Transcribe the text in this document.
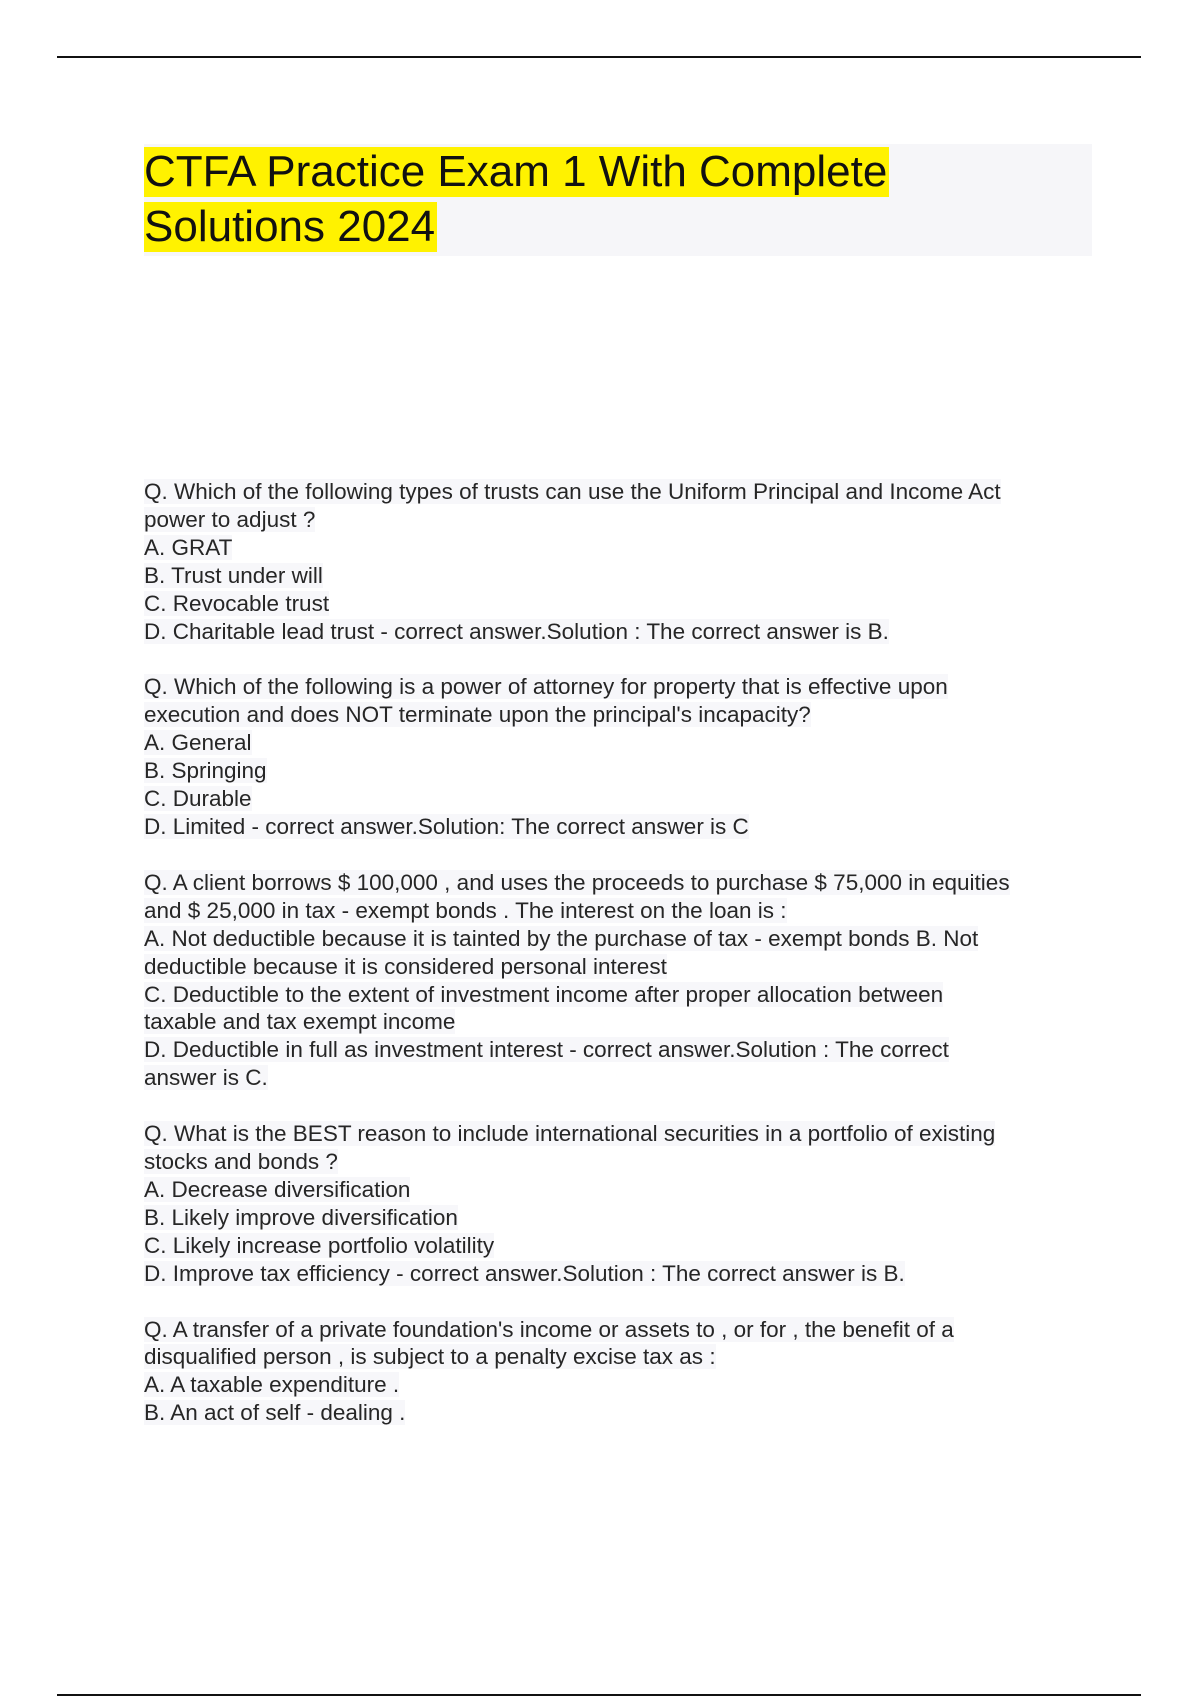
CTFA Practice Exam 1 With Complete
Solutions 2024
Q. Which of the following types of trusts can use the Uniform Principal and Income Act
power to adjust ?
A. GRAT
B. Trust under will
C. Revocable trust
D. Charitable lead trust - correct answer.Solution : The correct answer is B.
Q. Which of the following is a power of attorney for property that is effective upon
execution and does NOT terminate upon the principal's incapacity?
A. General
B. Springing
C. Durable
D. Limited - correct answer.Solution: The correct answer is C
Q. A client borrows $ 100,000 , and uses the proceeds to purchase $ 75,000 in equities
and $ 25,000 in tax - exempt bonds . The interest on the loan is :
A. Not deductible because it is tainted by the purchase of tax - exempt bonds B. Not
deductible because it is considered personal interest
C. Deductible to the extent of investment income after proper allocation between
taxable and tax exempt income
D. Deductible in full as investment interest - correct answer.Solution : The correct
answer is C.
Q. What is the BEST reason to include international securities in a portfolio of existing
stocks and bonds ?
A. Decrease diversification
B. Likely improve diversification
C. Likely increase portfolio volatility
D. Improve tax efficiency - correct answer.Solution : The correct answer is B.
Q. A transfer of a private foundation's income or assets to , or for , the benefit of a
disqualified person , is subject to a penalty excise tax as :
A. A taxable expenditure .
B. An act of self - dealing .
